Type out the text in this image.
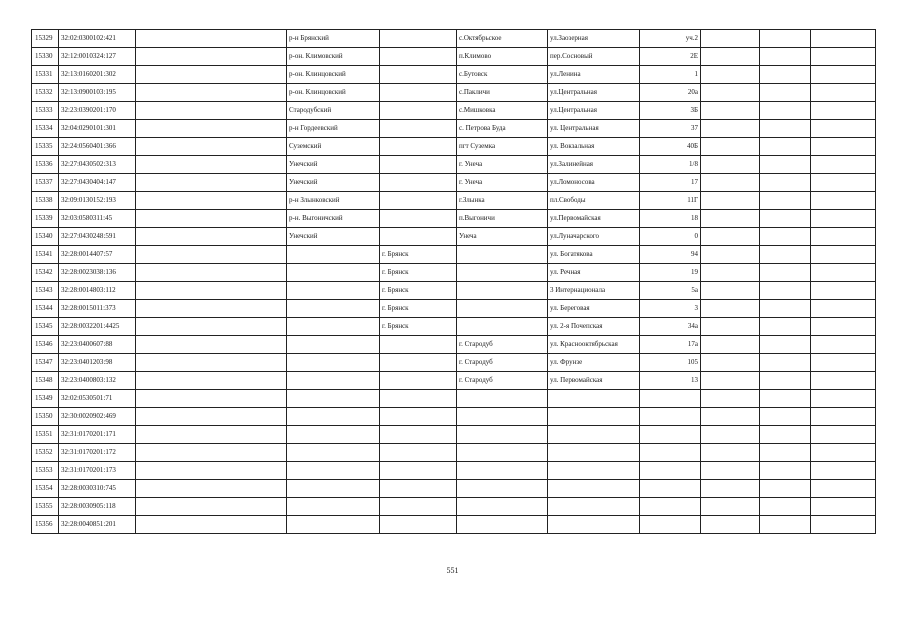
15329	32:02:0300102:421		р-н Брянский		с.Октябрьское	ул.Заозерная	уч.2			
15330	32:12:0010324:127		р-он. Климовский		п.Климово	пер.Сосновый	2Е			
15331	32:13:0160201:302		р-он. Клинцовский		с.Бутовск	ул.Ленина	1			
15332	32:13:0900103:195		р-он. Клинцовский		с.Пакличи	ул.Центральная	20а			
15333	32:23:0390201:170		Стародубский		с.Мишковка	ул.Центральная	3Б			
15334	32:04:0290101:301		р-н Гордеевский		с. Петрова Буда	ул. Центральная	37			
15335	32:24:0560401:366		Суземский		пгт Суземка	ул. Вокзальная	40Б			
15336	32:27:0430502:313		Унечский		г. Унеча	ул.Залинейная	1/8			
15337	32:27:0430404:147		Унечский		г. Унеча	ул.Ломоносова	17			
15338	32:09:0130152:193		р-н Злынковский		г.Злынка	пл.Свободы	11Г			
15339	32:03:0580311:45		р-н. Выгоничский		п.Выгоничи	ул.Первомайская	18			
15340	32:27:0430248:591		Унечский		Унеча	ул.Луначарского	0			
15341	32:28:0014407:57			г. Брянск		ул. Богатякова	94			
15342	32:28:0023038:136			г. Брянск		ул. Речная	19			
15343	32:28:0014803:112			г. Брянск		3 Интернационала	5а			
15344	32:28:0015011:373			г. Брянск		ул. Береговая	3			
15345	32:28:0032201:4425			г. Брянск		ул. 2-я Почепская	34а			
15346	32:23:0400607:88				г. Стародуб	ул. Красноoктябрьская	17а			
15347	32:23:0401203:98				г. Стародуб	ул. Фрунзе	105			
15348	32:23:0400803:132				г. Стародуб	ул. Первомайская	13			
15349	32:02:0530501:71									
15350	32:30:0020902:469									
15351	32:31:0170201:171									
15352	32:31:0170201:172									
15353	32:31:0170201:173									
15354	32:28:0030310:745									
15355	32:28:0030905:118									
15356	32:28:0040851:201									
551
